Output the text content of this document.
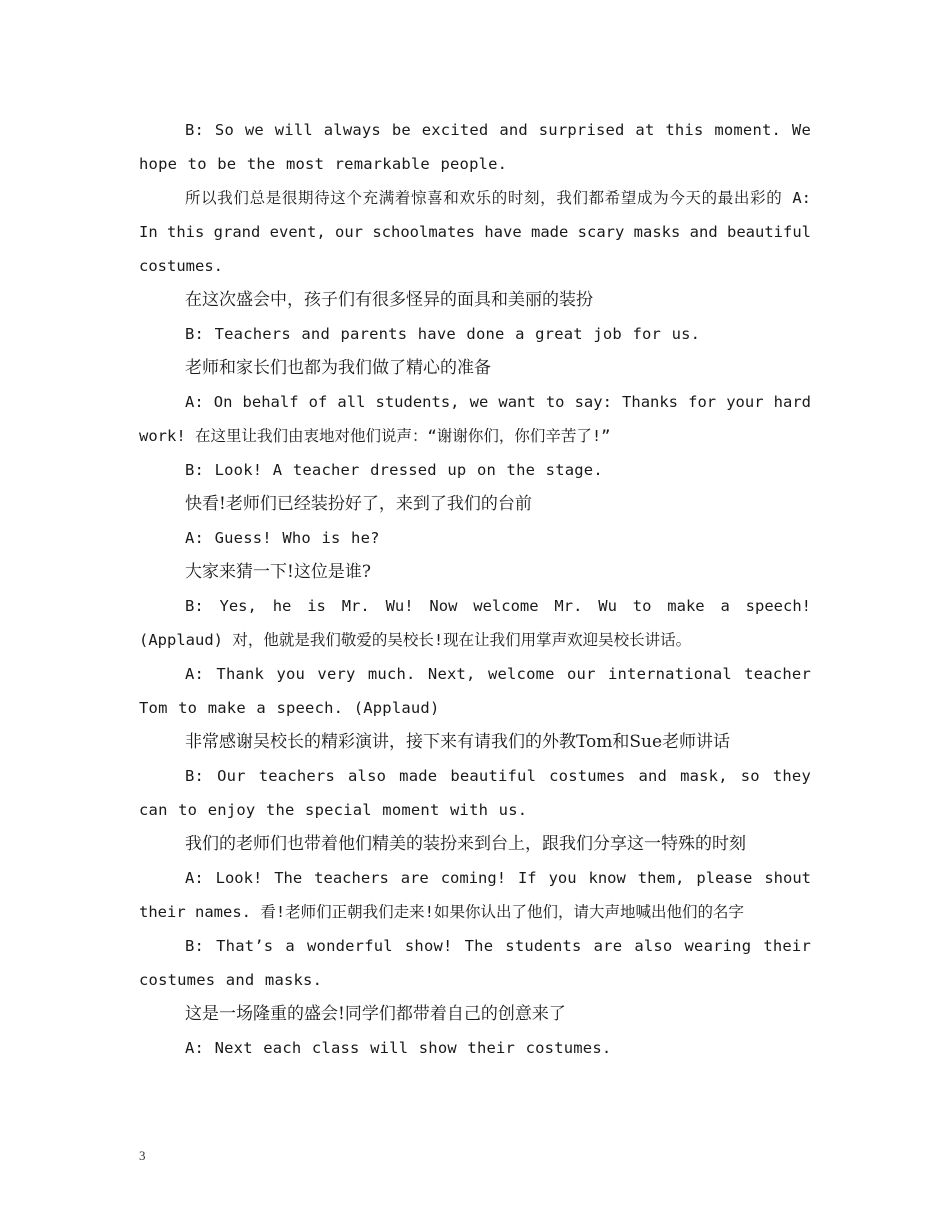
B: So we will always be excited and surprised at this moment. We hope to be the most remarkable people.

所以我们总是很期待这个充满着惊喜和欢乐的时刻，我们都希望成为今天的最出彩的 A: In this grand event, our schoolmates have made scary masks and beautiful costumes.

在这次盛会中，孩子们有很多怪异的面具和美丽的装扮

B: Teachers and parents have done a great job for us.

老师和家长们也都为我们做了精心的准备

A: On behalf of all students, we want to say: Thanks for your hard work! 在这里让我们由衷地对他们说声：“谢谢你们，你们辛苦了!”

B: Look! A teacher dressed up on the stage.

快看!老师们已经装扮好了，来到了我们的台前

A: Guess! Who is he?

大家来猜一下!这位是谁?

B: Yes, he is Mr. Wu! Now welcome Mr. Wu to make a speech! (Applaud) 对，他就是我们敬爱的吴校长!现在让我们用掌声欢迎吴校长讲话。

A: Thank you very much. Next, welcome our international teacher Tom to make a speech. (Applaud)

非常感谢吴校长的精彩演讲，接下来有请我们的外教Tom和Sue老师讲话

B: Our teachers also made beautiful costumes and mask, so they can to enjoy the special moment with us.

我们的老师们也带着他们精美的装扮来到台上，跟我们分享这一特殊的时刻

A: Look! The teachers are coming! If you know them, please shout their names. 看!老师们正朝我们走来!如果你认出了他们，请大声地喊出他们的名字

B: That’s a wonderful show! The students are also wearing their costumes and masks.

这是一场隆重的盛会!同学们都带着自己的创意来了

A: Next each class will show their costumes.

3
